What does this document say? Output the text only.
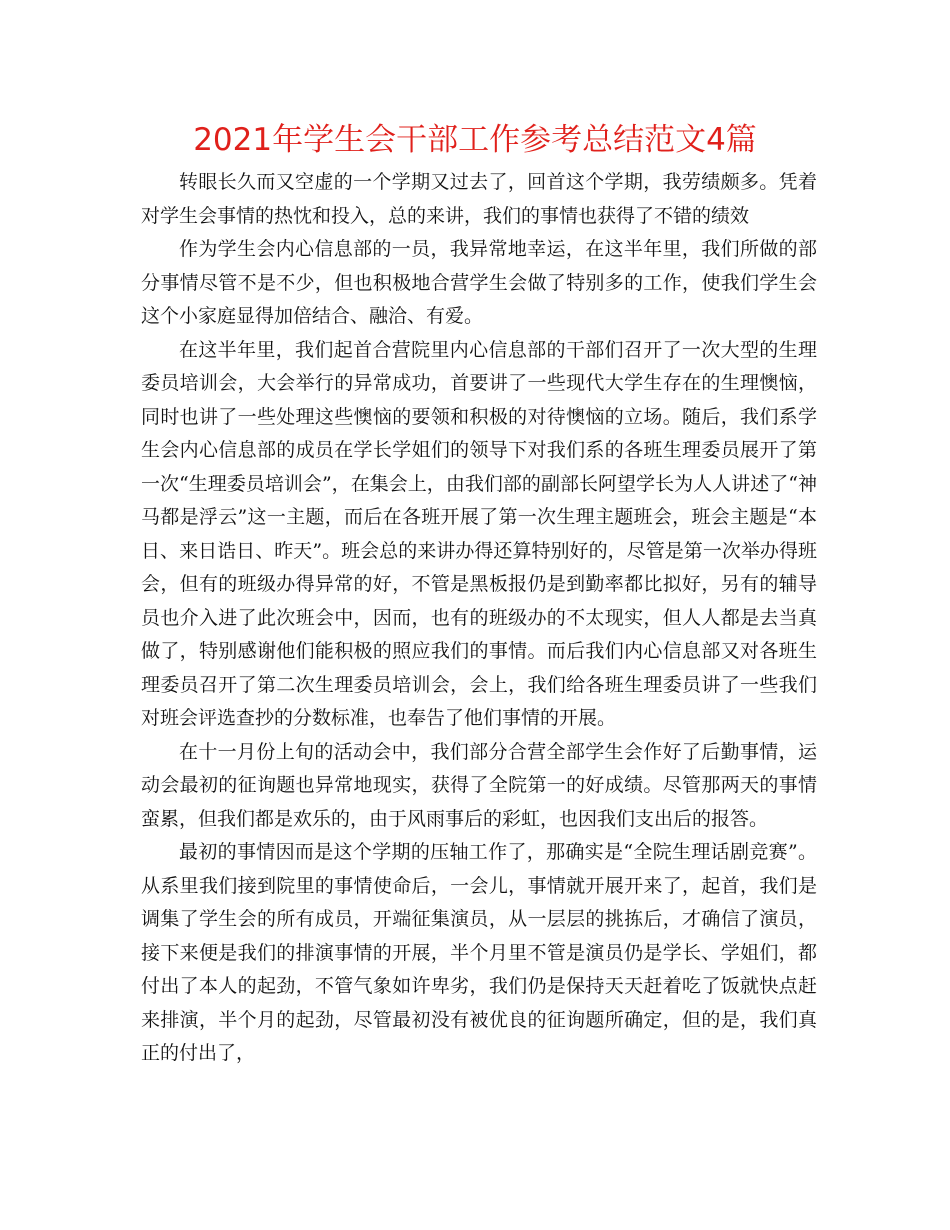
2021年学生会干部工作参考总结范文4篇

转眼长久而又空虚的一个学期又过去了，回首这个学期，我劳绩颇多。凭着对学生会事情的热忱和投入，总的来讲，我们的事情也获得了不错的绩效

作为学生会内心信息部的一员，我异常地幸运，在这半年里，我们所做的部分事情尽管不是不少，但也积极地合营学生会做了特别多的工作，使我们学生会这个小家庭显得加倍结合、融洽、有爱。

在这半年里，我们起首合营院里内心信息部的干部们召开了一次大型的生理委员培训会，大会举行的异常成功，首要讲了一些现代大学生存在的生理懊恼，同时也讲了一些处理这些懊恼的要领和积极的对待懊恼的立场。随后，我们系学生会内心信息部的成员在学长学姐们的领导下对我们系的各班生理委员展开了第一次“生理委员培训会”，在集会上，由我们部的副部长阿望学长为人人讲述了“神马都是浮云”这一主题，而后在各班开展了第一次生理主题班会，班会主题是“本日、来日诰日、昨天”。班会总的来讲办得还算特别好的，尽管是第一次举办得班会，但有的班级办得异常的好，不管是黑板报仍是到勤率都比拟好，另有的辅导员也介入进了此次班会中，因而，也有的班级办的不太现实，但人人都是去当真做了，特别感谢他们能积极的照应我们的事情。而后我们内心信息部又对各班生理委员召开了第二次生理委员培训会，会上，我们给各班生理委员讲了一些我们对班会评选查抄的分数标准，也奉告了他们事情的开展。

在十一月份上旬的活动会中，我们部分合营全部学生会作好了后勤事情，运动会最初的征询题也异常地现实，获得了全院第一的好成绩。尽管那两天的事情蛮累，但我们都是欢乐的，由于风雨事后的彩虹，也因我们支出后的报答。

最初的事情因而是这个学期的压轴工作了，那确实是“全院生理话剧竞赛”。从系里我们接到院里的事情使命后，一会儿，事情就开展开来了，起首，我们是调集了学生会的所有成员，开端征集演员，从一层层的挑拣后，才确信了演员，接下来便是我们的排演事情的开展，半个月里不管是演员仍是学长、学姐们，都付出了本人的起劲，不管气象如许卑劣，我们仍是保持天天赶着吃了饭就快点赶来排演，半个月的起劲，尽管最初没有被优良的征询题所确定，但的是，我们真正的付出了，
